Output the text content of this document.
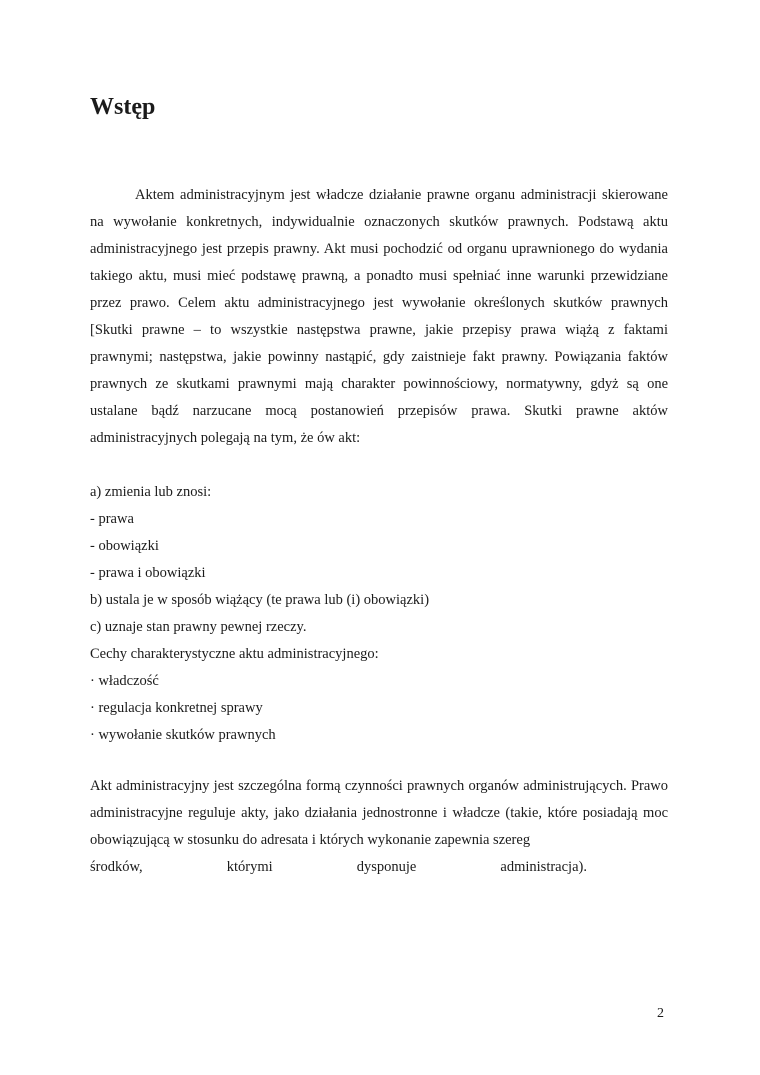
Wstęp

Aktem administracyjnym jest władcze działanie prawne organu administracji skierowane na wywołanie konkretnych, indywidualnie oznaczonych skutków prawnych. Podstawą aktu administracyjnego jest przepis prawny. Akt musi pochodzić od organu uprawnionego do wydania takiego aktu, musi mieć podstawę prawną, a ponadto musi spełniać inne warunki przewidziane przez prawo. Celem aktu administracyjnego jest wywołanie określonych skutków prawnych [Skutki prawne – to wszystkie następstwa prawne, jakie przepisy prawa wiążą z faktami prawnymi; następstwa, jakie powinny nastąpić, gdy zaistnieje fakt prawny. Powiązania faktów prawnych ze skutkami prawnymi mają charakter powinnościowy, normatywny, gdyż są one ustalane bądź narzucane mocą postanowień przepisów prawa. Skutki prawne aktów administracyjnych polegają na tym, że ów akt:

a) zmienia lub znosi:
- prawa
- obowiązki
- prawa i obowiązki
b) ustala je w sposób wiążący (te prawa lub (i) obowiązki)
c) uznaje stan prawny pewnej rzeczy.
Cechy charakterystyczne aktu administracyjnego:
· władczość
· regulacja konkretnej sprawy
· wywołanie skutków prawnych

Akt administracyjny jest szczególna formą czynności prawnych organów administrujących. Prawo administracyjne reguluje akty, jako działania jednostronne i władcze (takie, które posiadają moc obowiązującą w stosunku do adresata i których wykonanie zapewnia szereg

środków,	którymi	dysponuje	administracja).
2
